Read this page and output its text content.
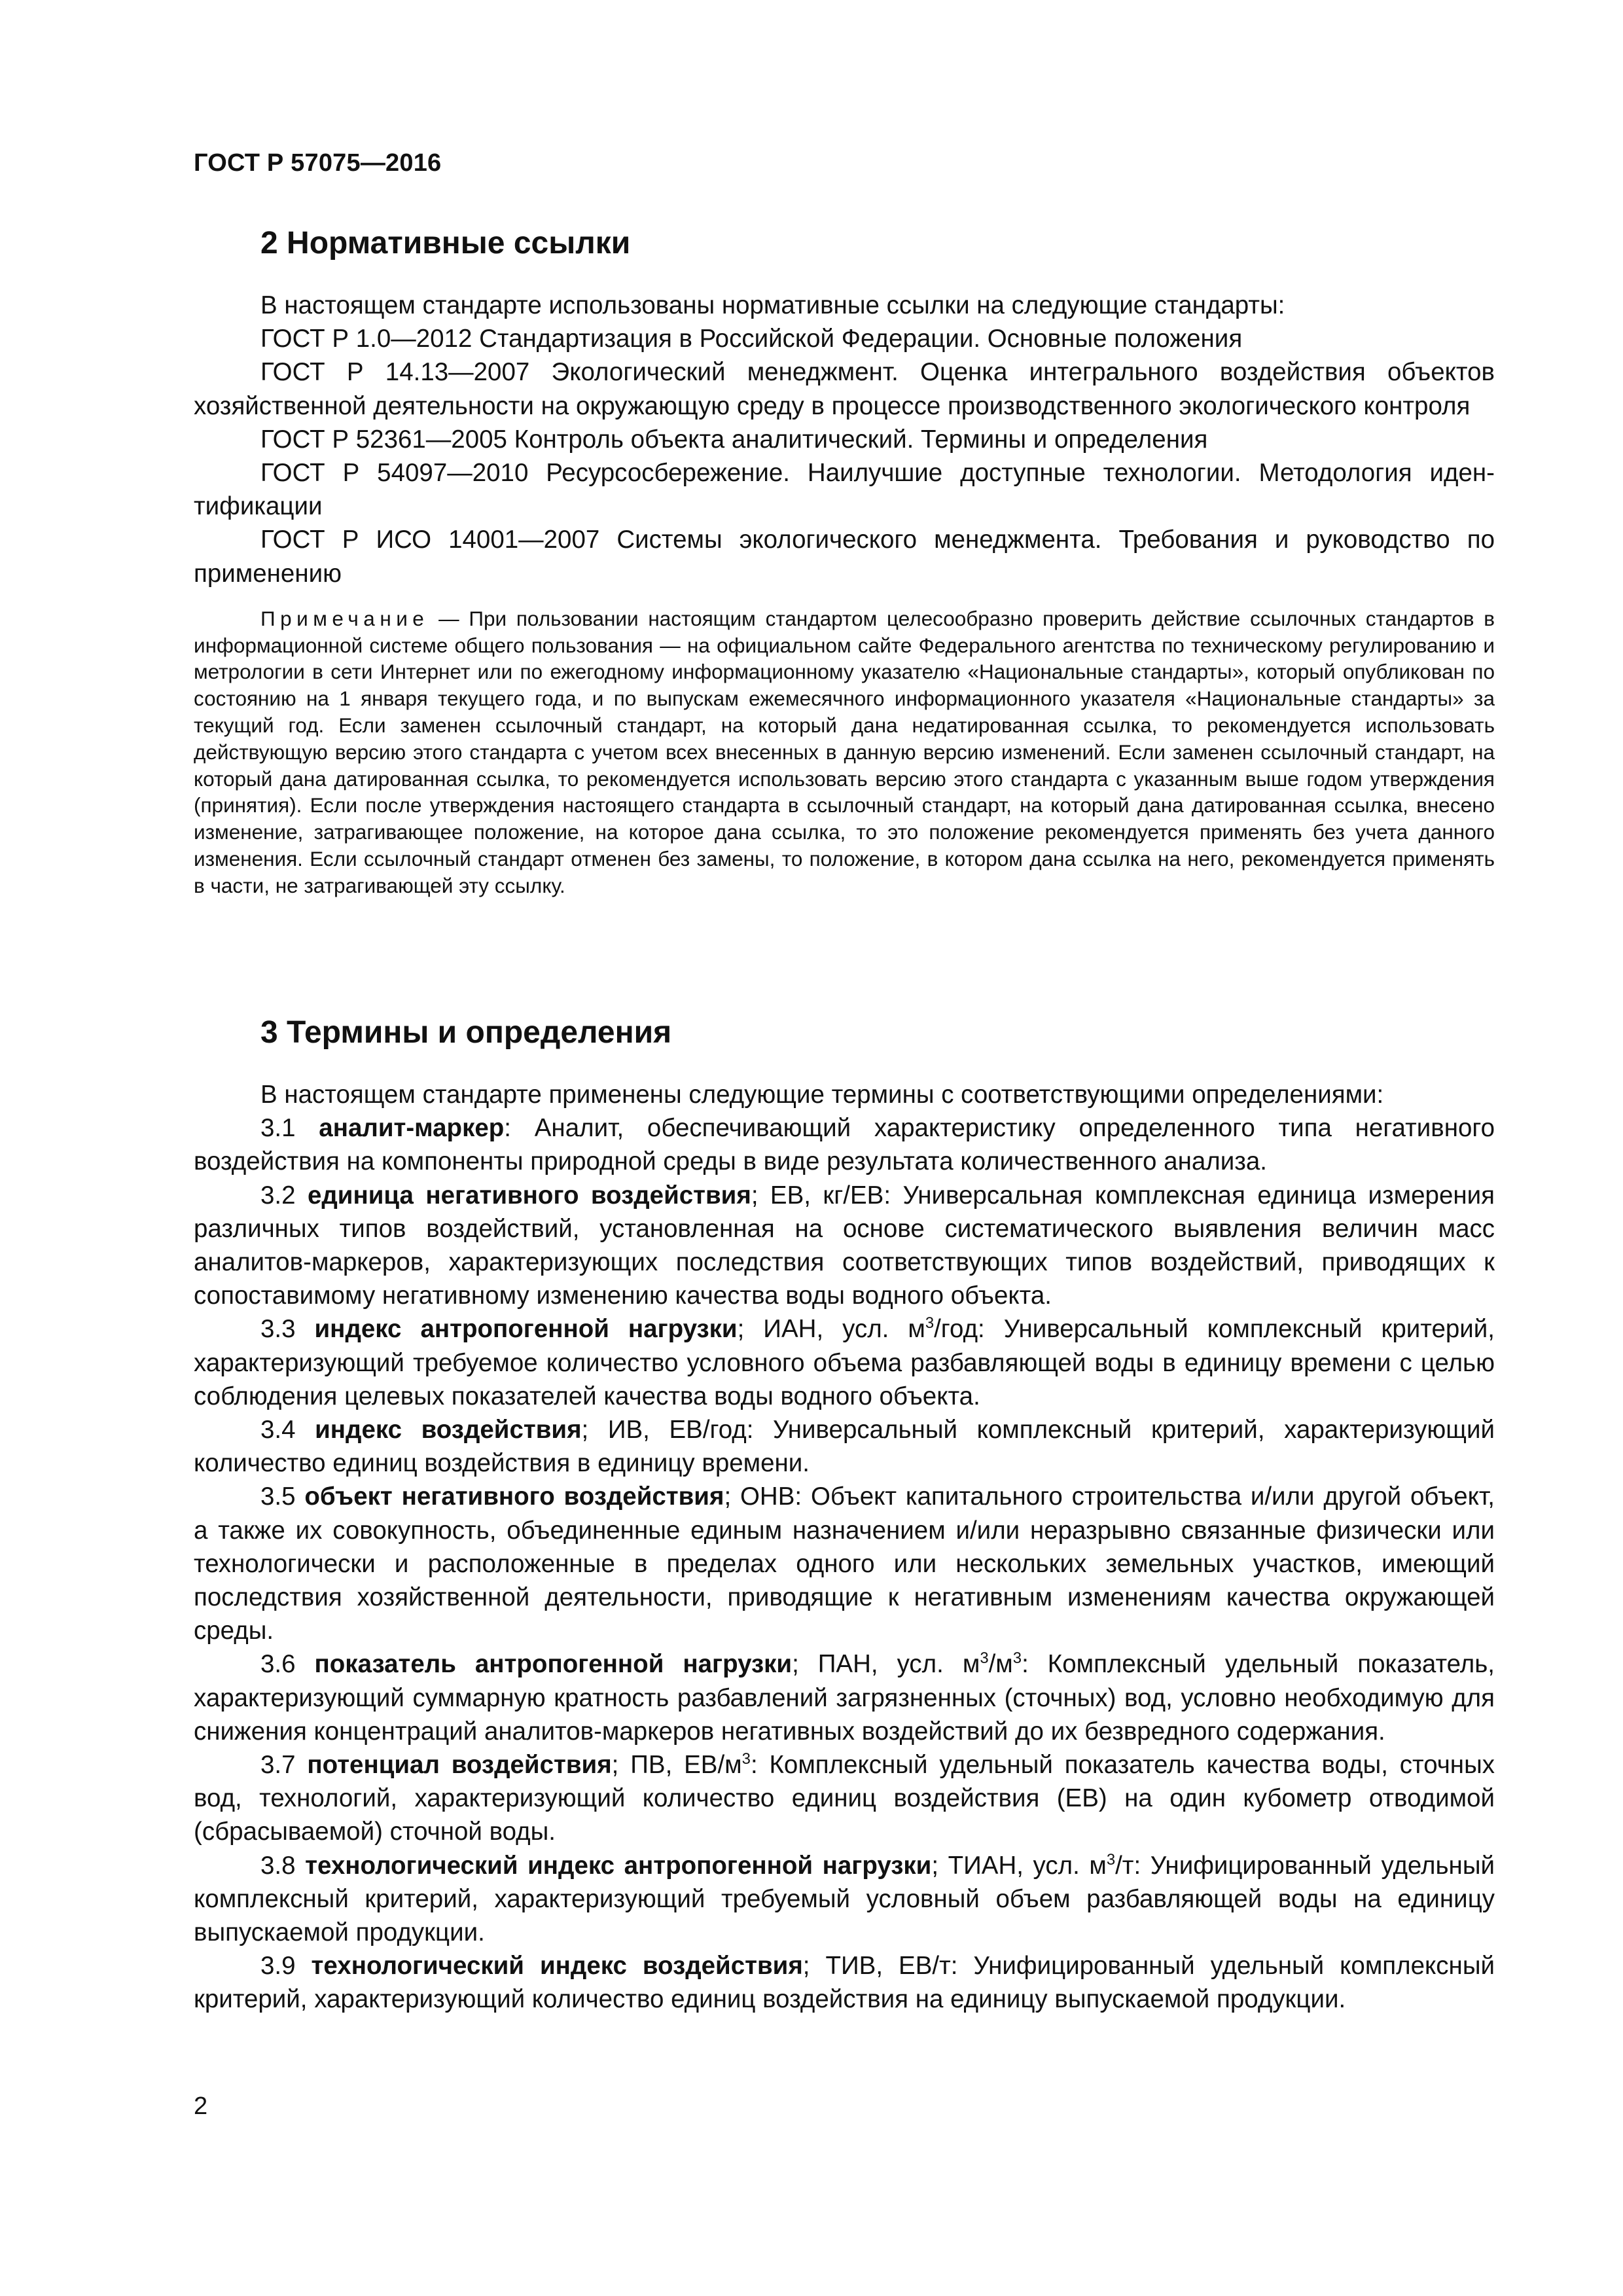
ГОСТ Р 57075—2016
2 Нормативные ссылки

В настоящем стандарте использованы нормативные ссылки на следующие стандарты:

ГОСТ Р 1.0—2012 Стандартизация в Российской Федерации. Основные положения

ГОСТ Р 14.13—2007 Экологический менеджмент. Оценка интегрального воздействия объектов хозяйственной деятельности на окружающую среду в процессе производственного экологического контроля

ГОСТ Р 52361—2005 Контроль объекта аналитический. Термины и определения

ГОСТ Р 54097—2010 Ресурсосбережение. Наилучшие доступные технологии. Методология идентификации

ГОСТ Р ИСО 14001—2007 Системы экологического менеджмента. Требования и руководство по применению

Примечание — При пользовании настоящим стандартом целесообразно проверить действие ссылочных стандартов в информационной системе общего пользования — на официальном сайте Федерального агентства по техническому регулированию и метрологии в сети Интернет или по ежегодному информационному указателю «Национальные стандарты», который опубликован по состоянию на 1 января текущего года, и по выпускам ежемесячного информационного указателя «Национальные стандарты» за текущий год. Если заменен ссылочный стандарт, на который дана недатированная ссылка, то рекомендуется использовать действующую версию этого стандарта с учетом всех внесенных в данную версию изменений. Если заменен ссылочный стандарт, на который дана датированная ссылка, то рекомендуется использовать версию этого стандарта с указанным выше годом утверждения (принятия). Если после утверждения настоящего стандарта в ссылочный стандарт, на который дана датированная ссылка, внесено изменение, затрагивающее положение, на которое дана ссылка, то это положение рекомендуется применять без учета данного изменения. Если ссылочный стандарт отменен без замены, то положение, в котором дана ссылка на него, рекомендуется применять в части, не затрагивающей эту ссылку.

3 Термины и определения

В настоящем стандарте применены следующие термины с соответствующими определениями:

3.1 аналит-маркер: Аналит, обеспечивающий характеристику определенного типа негативного воздействия на компоненты природной среды в виде результата количественного анализа.

3.2 единица негативного воздействия; ЕВ, кг/ЕВ: Универсальная комплексная единица измерения различных типов воздействий, установленная на основе систематического выявления величин масс аналитов-маркеров, характеризующих последствия соответствующих типов воздействий, приводящих к сопоставимому негативному изменению качества воды водного объекта.

3.3 индекс антропогенной нагрузки; ИАН, усл. $м^3$/год: Универсальный комплексный критерий, характеризующий требуемое количество условного объема разбавляющей воды в единицу времени с целью соблюдения целевых показателей качества воды водного объекта.

3.4 индекс воздействия; ИВ, ЕВ/год: Универсальный комплексный критерий, характеризующий количество единиц воздействия в единицу времени.

3.5 объект негативного воздействия; ОНВ: Объект капитального строительства и/или другой объект, а также их совокупность, объединенные единым назначением и/или неразрывно связанные физически или технологически и расположенные в пределах одного или нескольких земельных участков, имеющий последствия хозяйственной деятельности, приводящие к негативным изменениям качества окружающей среды.

3.6 показатель антропогенной нагрузки; ПАН, усл. $м^3/м^3$: Комплексный удельный показатель, характеризующий суммарную кратность разбавлений загрязненных (сточных) вод, условно необходимую для снижения концентраций аналитов-маркеров негативных воздействий до их безвредного содержания.

3.7 потенциал воздействия; ПВ, $ЕВ/м^3$: Комплексный удельный показатель качества воды, сточных вод, технологий, характеризующий количество единиц воздействия (ЕВ) на один кубометр отводимой (сбрасываемой) сточной воды.

3.8 технологический индекс антропогенной нагрузки; ТИАН, усл. $м^3/т$: Унифицированный удельный комплексный критерий, характеризующий требуемый условный объем разбавляющей воды на единицу выпускаемой продукции.

3.9 технологический индекс воздействия; ТИВ, ЕВ/т: Унифицированный удельный комплексный критерий, характеризующий количество единиц воздействия на единицу выпускаемой продукции.

2
